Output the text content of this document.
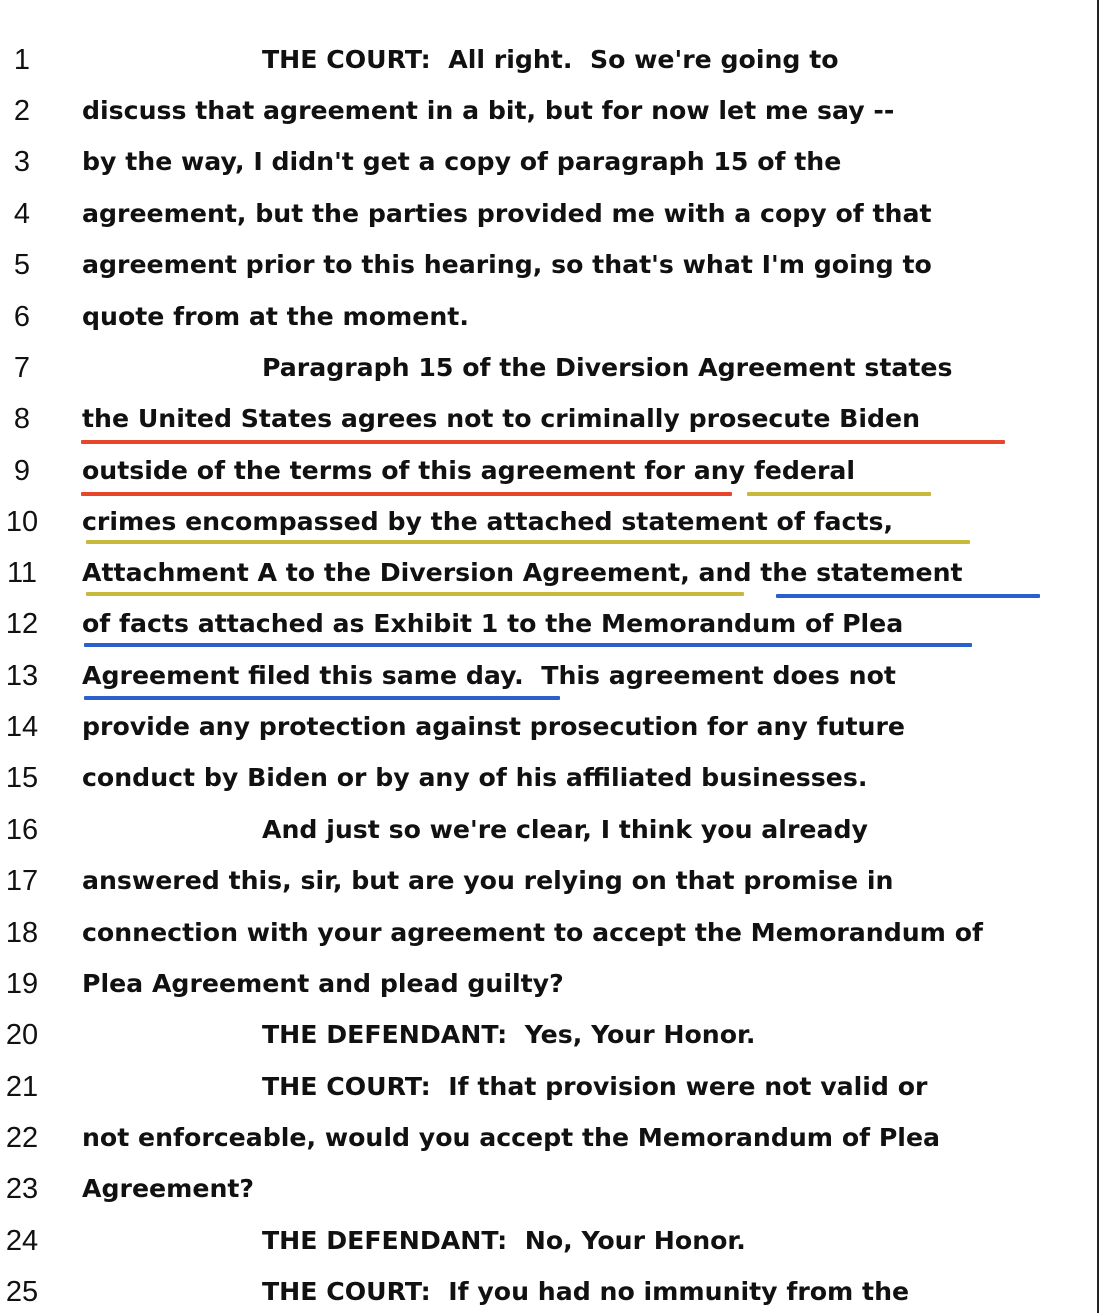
1	THE COURT:  All right.  So we're going to
2	discuss that agreement in a bit, but for now let me say --
3	by the way, I didn't get a copy of paragraph 15 of the
4	agreement, but the parties provided me with a copy of that
5	agreement prior to this hearing, so that's what I'm going to
6	quote from at the moment.
7	Paragraph 15 of the Diversion Agreement states
8	the United States agrees not to criminally prosecute Biden
9	outside of the terms of this agreement for any federal
10 crimes encompassed by the attached statement of facts,
11 Attachment A to the Diversion Agreement, and the statement
12 of facts attached as Exhibit 1 to the Memorandum of Plea
13 Agreement filed this same day.  This agreement does not
14 provide any protection against prosecution for any future
15 conduct by Biden or by any of his affiliated businesses.
16	And just so we're clear, I think you already
17 answered this, sir, but are you relying on that promise in
18 connection with your agreement to accept the Memorandum of
19 Plea Agreement and plead guilty?
20	THE DEFENDANT:  Yes, Your Honor.
21	THE COURT:  If that provision were not valid or
22 not enforceable, would you accept the Memorandum of Plea
23 Agreement?
24	THE DEFENDANT:  No, Your Honor.
25	THE COURT:  If you had no immunity from the
